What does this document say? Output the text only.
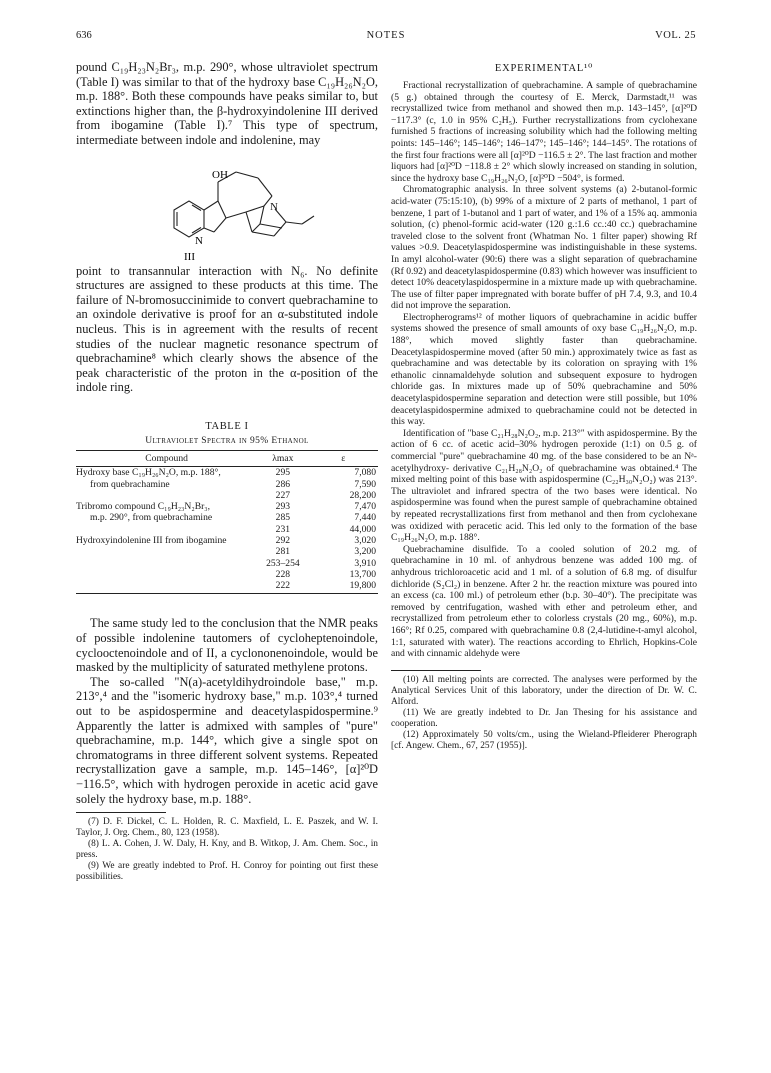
636	NOTES	VOL. 25

pound C₁₉H₂₃N₂Br₃, m.p. 290°, whose ultraviolet spectrum (Table I) was similar to that of the hydroxy base C₁₉H₂₆N₂O, m.p. 188°. Both these compounds have peaks similar to, but extinctions higher than, the β-hydroxyindolenine III derived from ibogamine (Table I).⁷ This type of spectrum, intermediate between indole and indolenine, may

OH
N
N
III

point to transannular interaction with N₆. No definite structures are assigned to these products at this time. The failure of N-bromosuccinimide to convert quebrachamine to an oxindole derivative is proof for an α-substituted indole nucleus. This is in agreement with the results of recent studies of the nuclear magnetic resonance spectrum of quebrachamine⁸ which clearly shows the absence of the peak characteristic of the proton in the α-position of the indole ring.

TABLE I
Ultraviolet Spectra in 95% Ethanol
Compound	λmax	ε
Hydroxy base C₁₉H₂₆N₂O, m.p. 188°,	295	7,080
from quebrachamine	286	7,590
	227	28,200
Tribromo compound C₁₉H₂₃N₂Br₃,	293	7,470
m.p. 290°, from quebrachamine	285	7,440
	231	44,000
Hydroxyindolenine III from ibogamine	292	3,020
	281	3,200
	253–254	3,910
	228	13,700
	222	19,800

The same study led to the conclusion that the NMR peaks of possible indolenine tautomers of cycloheptenoindole, cyclooctenoindole and of II, a cyclononenoindole, would be masked by the multiplicity of saturated methylene protons.

The so-called "N(a)-acetyldihydroindole base," m.p. 213°,⁴ and the "isomeric hydroxy base," m.p. 103°,⁴ turned out to be aspidospermine and deacetylaspidospermine.⁹ Apparently the latter is admixed with samples of "pure" quebrachamine, m.p. 144°, which give a single spot on chromatograms in three different solvent systems. Repeated recrystallization gave a sample, m.p. 145–146°, [α]²⁰D −116.5°, which with hydrogen peroxide in acetic acid gave solely the hydroxy base, m.p. 188°.

(7) D. F. Dickel, C. L. Holden, R. C. Maxfield, L. E. Paszek, and W. I. Taylor, J. Org. Chem., 80, 123 (1958).

(8) L. A. Cohen, J. W. Daly, H. Kny, and B. Witkop, J. Am. Chem. Soc., in press.

(9) We are greatly indebted to Prof. H. Conroy for pointing out first these possibilities.

EXPERIMENTAL¹⁰

Fractional recrystallization of quebrachamine. A sample of quebrachamine (5 g.) obtained through the courtesy of E. Merck, Darmstadt,¹¹ was recrystallized twice from methanol and showed then m.p. 143–145°, [α]²⁰D −117.3° (c, 1.0 in 95% C₂H₅). Further recrystallizations from cyclohexane furnished 5 fractions of increasing solubility which had the following melting points: 145–146°; 145–146°; 146–147°; 145–146°; 144–145°. The rotations of the first four fractions were all [α]²⁰D −116.5 ± 2°. The last fraction and mother liquors had [α]²⁰D −118.8 ± 2° which slowly increased on standing in solution, since the hydroxy base C₁₉H₂₆N₂O, [α]²⁰D −504°, is formed.

Chromatographic analysis. In three solvent systems (a) 2-butanol-formic acid-water (75:15:10), (b) 99% of a mixture of 2 parts of methanol, 1 part of benzene, 1 part of 1-butanol and 1 part of water, and 1% of a 15% aq. ammonia solution, (c) phenol-formic acid-water (120 g.:1.6 cc.:40 cc.) quebrachamine traveled close to the solvent front (Whatman No. 1 filter paper) showing Rf values >0.9. Deacetylaspidospermine was indistinguishable in these systems. In amyl alcohol-water (90:6) there was a slight separation of quebrachamine (Rf 0.92) and deacetylaspidospermine (0.83) which however was insufficient to detect 10% deacetylaspidospermine in a mixture made up with quebrachamine. The use of filter paper impregnated with borate buffer of pH 7.4, 9.3, and 10.4 did not improve the separation.

Electropherograms¹² of mother liquors of quebrachamine in acidic buffer systems showed the presence of small amounts of oxy base C₁₉H₂₆N₂O, m.p. 188°, which moved slightly faster than quebrachamine. Deacetylaspidospermine moved (after 50 min.) approximately twice as fast as quebrachamine and was detectable by its coloration on spraying with 1% ethanolic cinnamaldehyde solution and subsequent exposure to hydrogen chloride gas. In mixtures made up of 50% quebrachamine and 50% deacetylaspidospermine separation and detection were still possible, but 10% deacetylaspidospermine admixed to quebrachamine could not be detected in this way.

Identification of "base C₂₁H₂₈N₂O₂, m.p. 213°" with aspidospermine. By the action of 6 cc. of acetic acid–30% hydrogen peroxide (1:1) on 0.5 g. of commercial "pure" quebrachamine 40 mg. of the base considered to be an Nᵃ-acetylhydroxy- derivative C₂₁H₂₈N₂O₂ of quebrachamine was obtained.⁴ The mixed melting point of this base with aspidospermine (C₂₂H₃₀N₂O₂) was 213°. The ultraviolet and infrared spectra of the two bases were identical. No aspidospermine was found when the purest sample of quebrachamine obtained by repeated recrystallizations first from methanol and then from cyclohexane was oxidized with peracetic acid. This led only to the formation of the base C₁₉H₂₆N₂O, m.p. 188°.

Quebrachamine disulfide. To a cooled solution of 20.2 mg. of quebrachamine in 10 ml. of anhydrous benzene was added 100 mg. of anhydrous trichloroacetic acid and 1 ml. of a solution of 6.8 mg. of disulfur dichloride (S₂Cl₂) in benzene. After 2 hr. the reaction mixture was poured into an excess (ca. 100 ml.) of petroleum ether (b.p. 30–40°). The precipitate was removed by centrifugation, washed with ether and petroleum ether, and recrystallized from petroleum ether to colorless crystals (20 mg., 60%), m.p. 166°; Rf 0.25, compared with quebrachamine 0.8 (2,4-lutidine-t-amyl alcohol, 1:1, saturated with water). The reactions according to Ehrlich, Hopkins-Cole and with cinnamic aldehyde were

(10) All melting points are corrected. The analyses were performed by the Analytical Services Unit of this laboratory, under the direction of Dr. W. C. Alford.

(11) We are greatly indebted to Dr. Jan Thesing for his assistance and cooperation.

(12) Approximately 50 volts/cm., using the Wieland-Pfleiderer Pherograph [cf. Angew. Chem., 67, 257 (1955)].
